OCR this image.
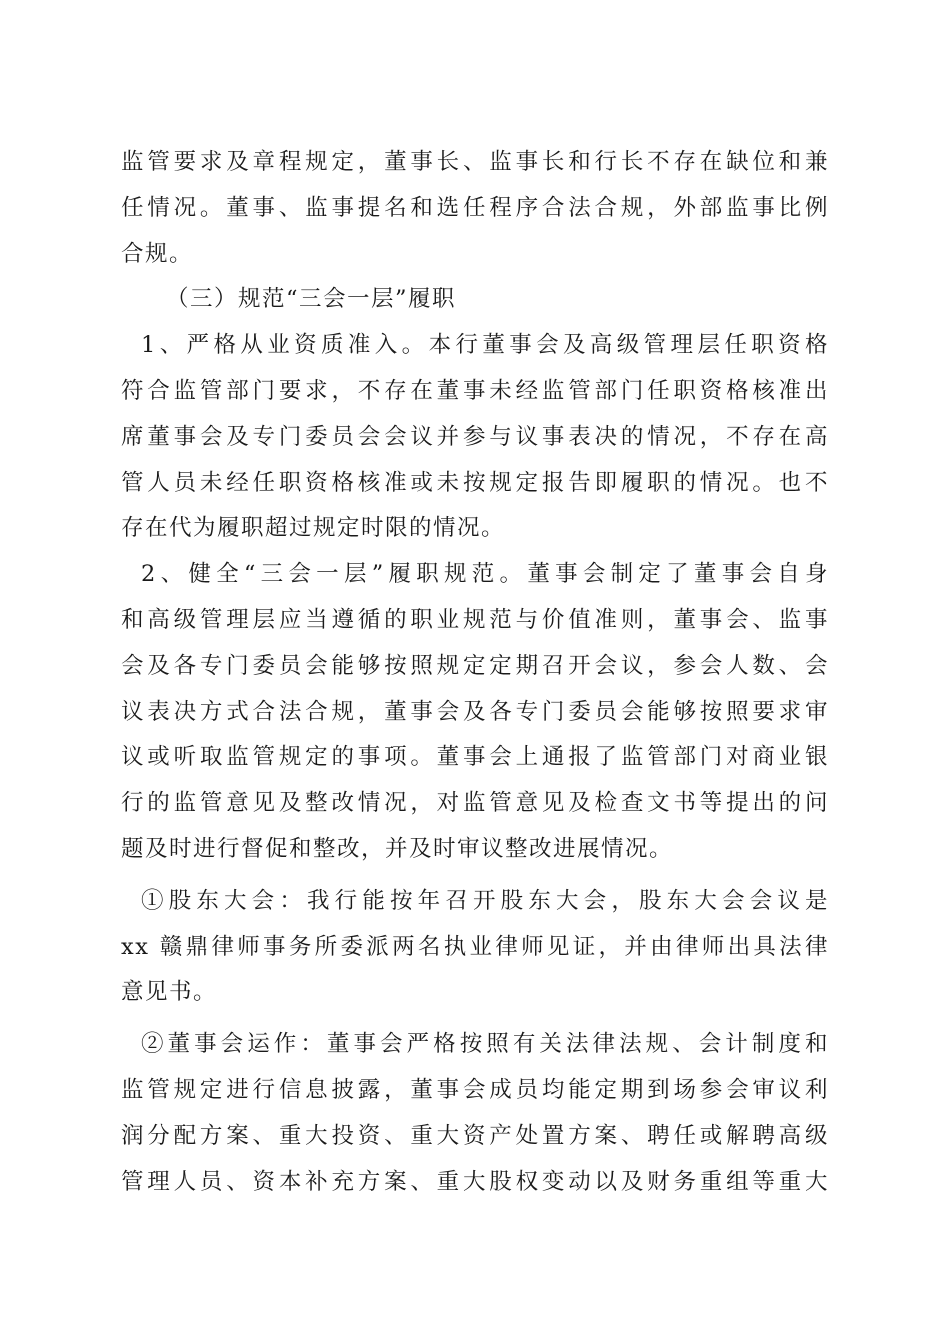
监管要求及章程规定，董事长、监事长和行长不存在缺位和兼
任情况。董事、监事提名和选任程序合法合规，外部监事比例
合规。
（三）规范“三会一层”履职
1、严格从业资质准入。本行董事会及高级管理层任职资格
符合监管部门要求，不存在董事未经监管部门任职资格核准出
席董事会及专门委员会会议并参与议事表决的情况，不存在高
管人员未经任职资格核准或未按规定报告即履职的情况。也不
存在代为履职超过规定时限的情况。
2、健全“三会一层”履职规范。董事会制定了董事会自身
和高级管理层应当遵循的职业规范与价值准则，董事会、监事
会及各专门委员会能够按照规定定期召开会议，参会人数、会
议表决方式合法合规，董事会及各专门委员会能够按照要求审
议或听取监管规定的事项。董事会上通报了监管部门对商业银
行的监管意见及整改情况，对监管意见及检查文书等提出的问
题及时进行督促和整改，并及时审议整改进展情况。
①股东大会：我行能按年召开股东大会，股东大会会议是
xx 赣鼎律师事务所委派两名执业律师见证，并由律师出具法律
意见书。
②董事会运作：董事会严格按照有关法律法规、会计制度和
监管规定进行信息披露，董事会成员均能定期到场参会审议利
润分配方案、重大投资、重大资产处置方案、聘任或解聘高级
管理人员、资本补充方案、重大股权变动以及财务重组等重大
